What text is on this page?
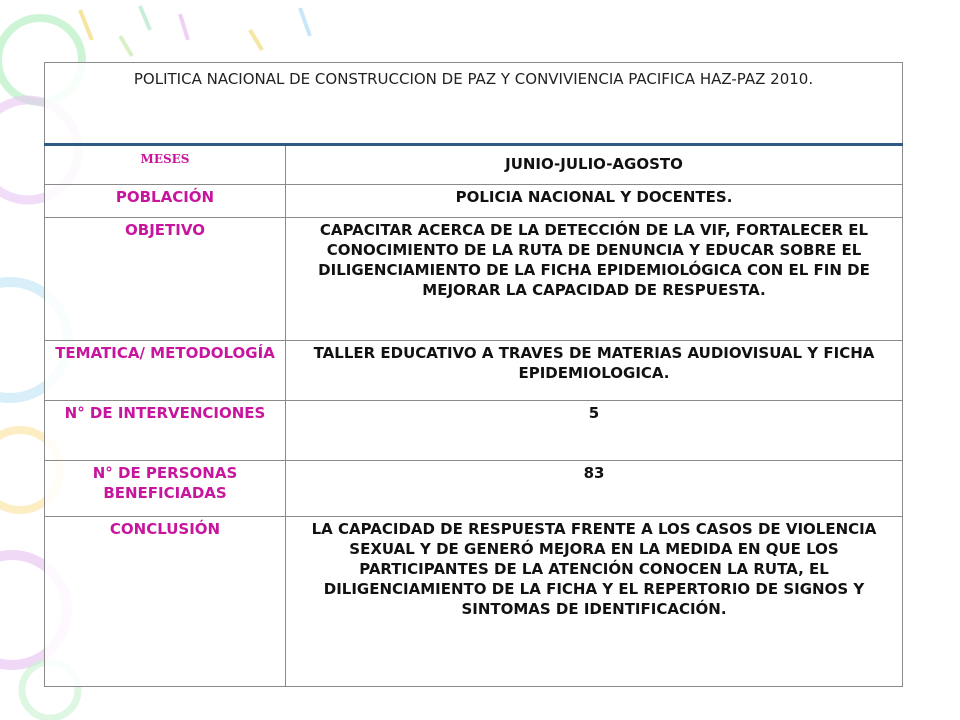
POLITICA NACIONAL DE CONSTRUCCION DE PAZ Y CONVIVIENCIA PACIFICA HAZ-PAZ 2010.	
MESES	JUNIO-JULIO-AGOSTO
POBLACIÓN	POLICIA NACIONAL Y DOCENTES.
OBJETIVO	CAPACITAR ACERCA DE LA DETECCIÓN DE LA VIF, FORTALECER EL CONOCIMIENTO DE LA RUTA DE DENUNCIA Y EDUCAR SOBRE EL DILIGENCIAMIENTO DE LA FICHA EPIDEMIOLÓGICA CON EL FIN DE MEJORAR LA CAPACIDAD DE RESPUESTA.
TEMATICA/ METODOLOGÍA	TALLER EDUCATIVO A TRAVES DE MATERIAS AUDIOVISUAL Y FICHA EPIDEMIOLOGICA.
N° DE INTERVENCIONES	5
N° DE PERSONAS BENEFICIADAS	83
CONCLUSIÓN	LA CAPACIDAD DE RESPUESTA FRENTE A LOS CASOS DE VIOLENCIA SEXUAL Y DE GENERÓ MEJORA EN LA MEDIDA EN QUE LOS PARTICIPANTES DE LA ATENCIÓN CONOCEN LA RUTA, EL DILIGENCIAMIENTO DE LA FICHA Y EL REPERTORIO DE SIGNOS Y SINTOMAS DE IDENTIFICACIÓN.
